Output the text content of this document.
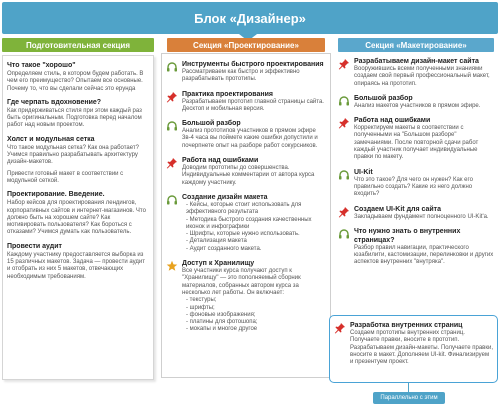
Блок «Дизайнер»
Подготовительная секция	Секция «Проектирование»	Секция «Макетирование»
Что такое "хорошо"
Определяем стиль, в котором будем работать. В чем его преимущество? Опытаем все основные. Почему то, что вы сделали сейчас это ерунда
Где черпать вдохновение?
Как придерживаться стиля при этом каждый раз быть оригинальным. Подготовка перед началом работ над новым проектом.
Холст и модульная сетка
Что такое модульная сетка? Как она работает? Учимся правильно разрабатывать архитектуру дизайн-макетов.
Привести готовый макет в соответствии с модульной сеткой.
Проектирование. Введение.
Набор кейсов для проектирования лендингов, корпоративных сайтов и интернет-магазинов. Что должно быть на хорошем сайте? Как мотивировать пользователя? Как бороться с отказами? Учимся думать как пользователь.
Провести аудит
Каждому участнику предоставляется выборка из 15 различных макетов. Задача — провести аудит и отобрать из них 5 макетов, отвечающих необходимым требованиям.
Инструменты быстрого проектирования
Рассматриваем как быстро и эффективно разрабатывать прототипы.
Практика проектирования
Разрабатываем прототип главной страницы сайта. Десктоп и мобильная версия.
Большой разбор
Анализ прототипов участников в прямом эфире 3в-4 часа вы поймете какие ошибки допустили и почерпнете опыт на разборе работ сокурсников.
Работа над ошибками
Доводим прототипы до совершенства. Индивидуальные комментарии от автора курса каждому участнику.
Создание дизайн макета
- Кейсы, которые стоит использовать для эффективного результата
- Методика быстрого создания качественных иконок и инфографики
- Шрифты, которые нужно использовать.
- Детализация макета
- Аудит созданного макета.
Доступ к Хранилищу
Все участники курса получают доступ к "Хранилищу" — это пополняемый сборник материалов, собранных автором курса за несколько лет работы. Он включает:
- текстуры;
- шрифты;
- фоновые изображения;
- платины для фотошопа;
- мокапы и многое другое
Разрабатываем дизайн-макет сайта
Вооружившись всеми полученными знаниями создаем свой первый профессиональный макет, опираясь на прототип.
Большой разбор
Анализ макетов участников в прямом эфире.
Работа над ошибками
Корректируем макеты в соответствии с полученными на "Большом разборе" замечаниями. После повторной сдачи работ каждый участник получает индивидуальные правки по макету.
UI-Kit
Что это такое? Для чего он нужен? Как его правильно создать? Какие из него должно входить?
Создаем UI-Kit для сайта
Закладываем фундамент полноценного UI-Kit'а.
Что нужно знать о внутренних страницах?
Разбор правил навигации, практического юзабилити, кастомизации, перелинковки и других аспектов внутренних "внутряка".
Разработка внутренних страниц
Создаем прототипы внутренних страниц. Получаете правки, вносите в прототип. Разрабатываем дизайн-макеты. Получаете правки, вносите в макет. Дополняем UI-kit. Финализируем и презентуем проект.
Параллельно с этим
